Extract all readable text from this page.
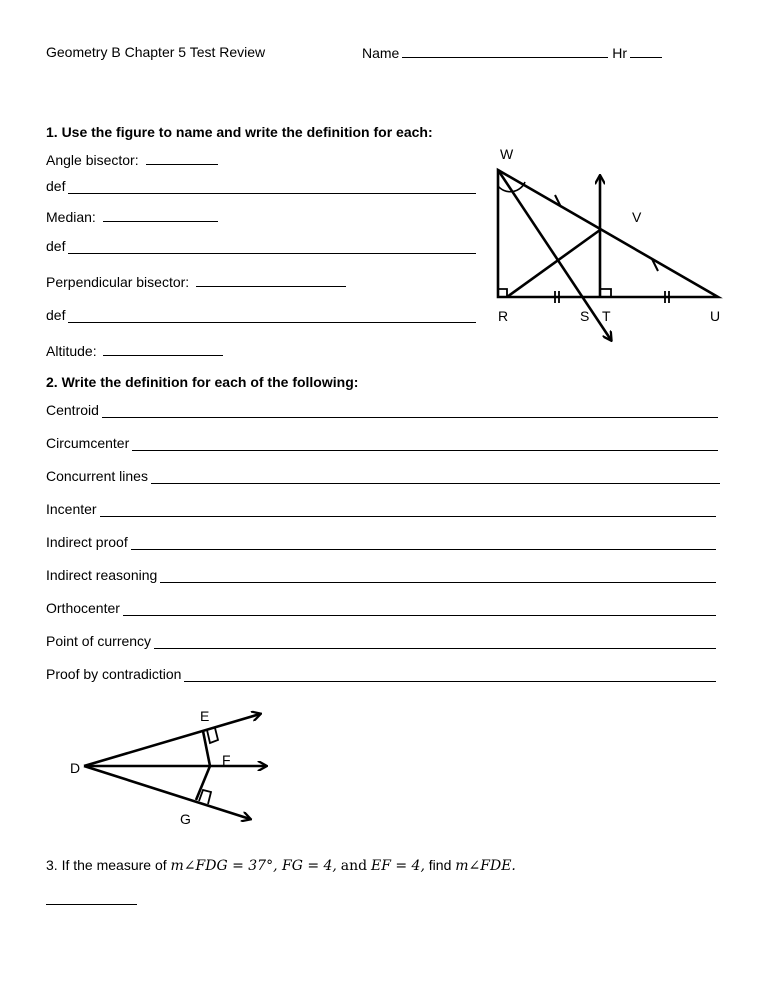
Geometry B Chapter 5 Test Review	Name	Hr
1. Use the figure to name and write the definition for each:
Angle bisector:
def
Median:
def
Perpendicular bisector:
def
Altitude:
2. Write the definition for each of the following:
Centroid
Circumcenter
Concurrent lines
Incenter
Indirect proof
Indirect reasoning
Orthocenter
Point of currency
Proof by contradiction
W
V
R	S T	U
E
F
D
G
3. If the measure of m∠FDG = 37°, FG = 4, and EF = 4, find m∠FDE.
